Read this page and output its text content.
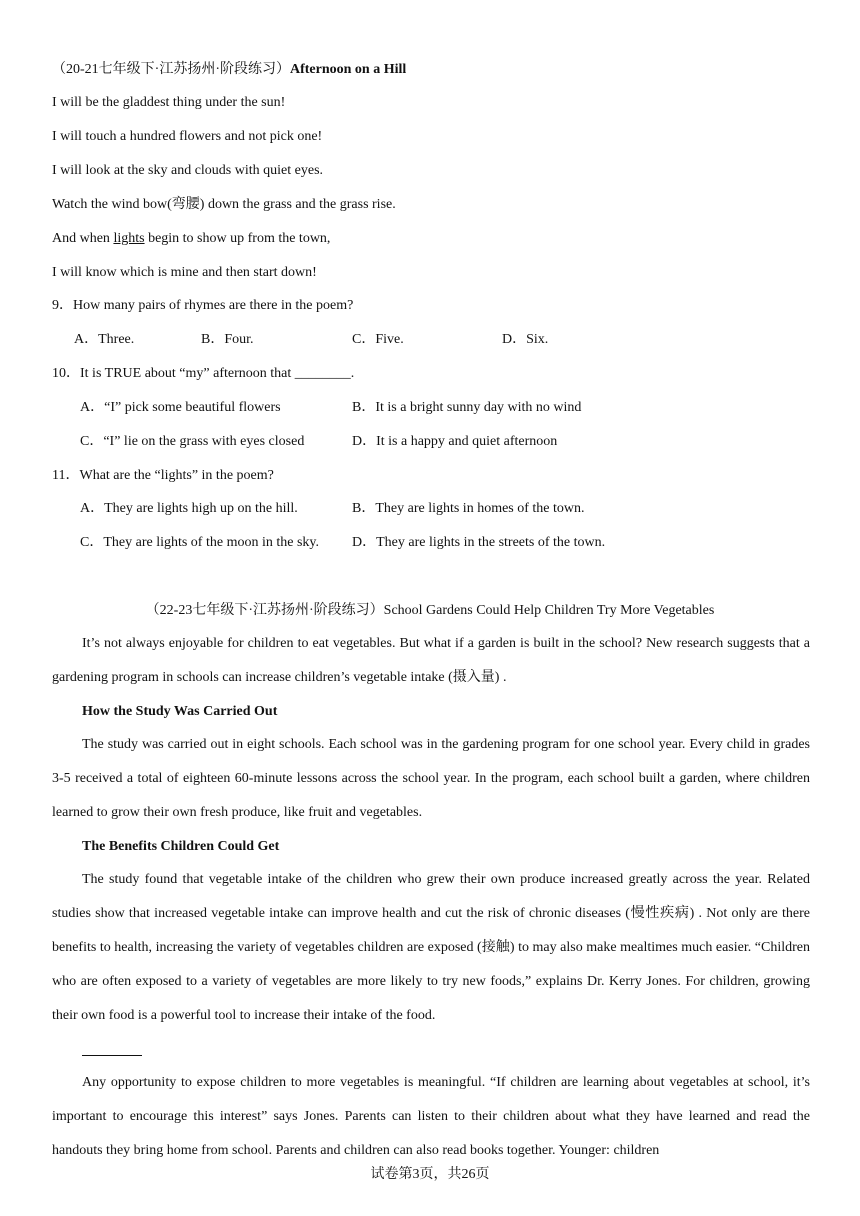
（20-21七年级下·江苏扬州·阶段练习）Afternoon on a Hill
I will be the gladdest thing under the sun!
I will touch a hundred flowers and not pick one!
I will look at the sky and clouds with quiet eyes.
Watch the wind bow(弯腰) down the grass and the grass rise.
And when lights begin to show up from the town,
I will know which is mine and then start down!
9．How many pairs of rhymes are there in the poem?
A．Three.	B．Four.	C．Five.	D．Six.
10．It is TRUE about “my” afternoon that ________.
A．“I” pick some beautiful flowers	B．It is a bright sunny day with no wind
C．“I” lie on the grass with eyes closed	D．It is a happy and quiet afternoon
11．What are the “lights” in the poem?
A．They are lights high up on the hill.	B．They are lights in homes of the town.
C．They are lights of the moon in the sky. D．They are lights in the streets of the town.
（22-23七年级下·江苏扬州·阶段练习）School Gardens Could Help Children Try More Vegetables
It’s not always enjoyable for children to eat vegetables. But what if a garden is built in the school? New research suggests that a gardening program in schools can increase children’s vegetable intake (摄入量) .
How the Study Was Carried Out
The study was carried out in eight schools. Each school was in the gardening program for one school year. Every child in grades 3-5 received a total of eighteen 60-minute lessons across the school year. In the program, each school built a garden, where children learned to grow their own fresh produce, like fruit and vegetables.
The Benefits Children Could Get
The study found that vegetable intake of the children who grew their own produce increased greatly across the year. Related studies show that increased vegetable intake can improve health and cut the risk of chronic diseases (慢性疾病) . Not only are there benefits to health, increasing the variety of vegetables children are exposed (接触) to may also make mealtimes much easier. “Children who are often exposed to a variety of vegetables are more likely to try new foods,” explains Dr. Kerry Jones. For children, growing their own food is a powerful tool to increase their intake of the food.
Any opportunity to expose children to more vegetables is meaningful. “If children are learning about vegetables at school, it’s important to encourage this interest” says Jones. Parents can listen to their children about what they have learned and read the handouts they bring home from school. Parents and children can also read books together. Younger: children
试卷第3页，共26页
